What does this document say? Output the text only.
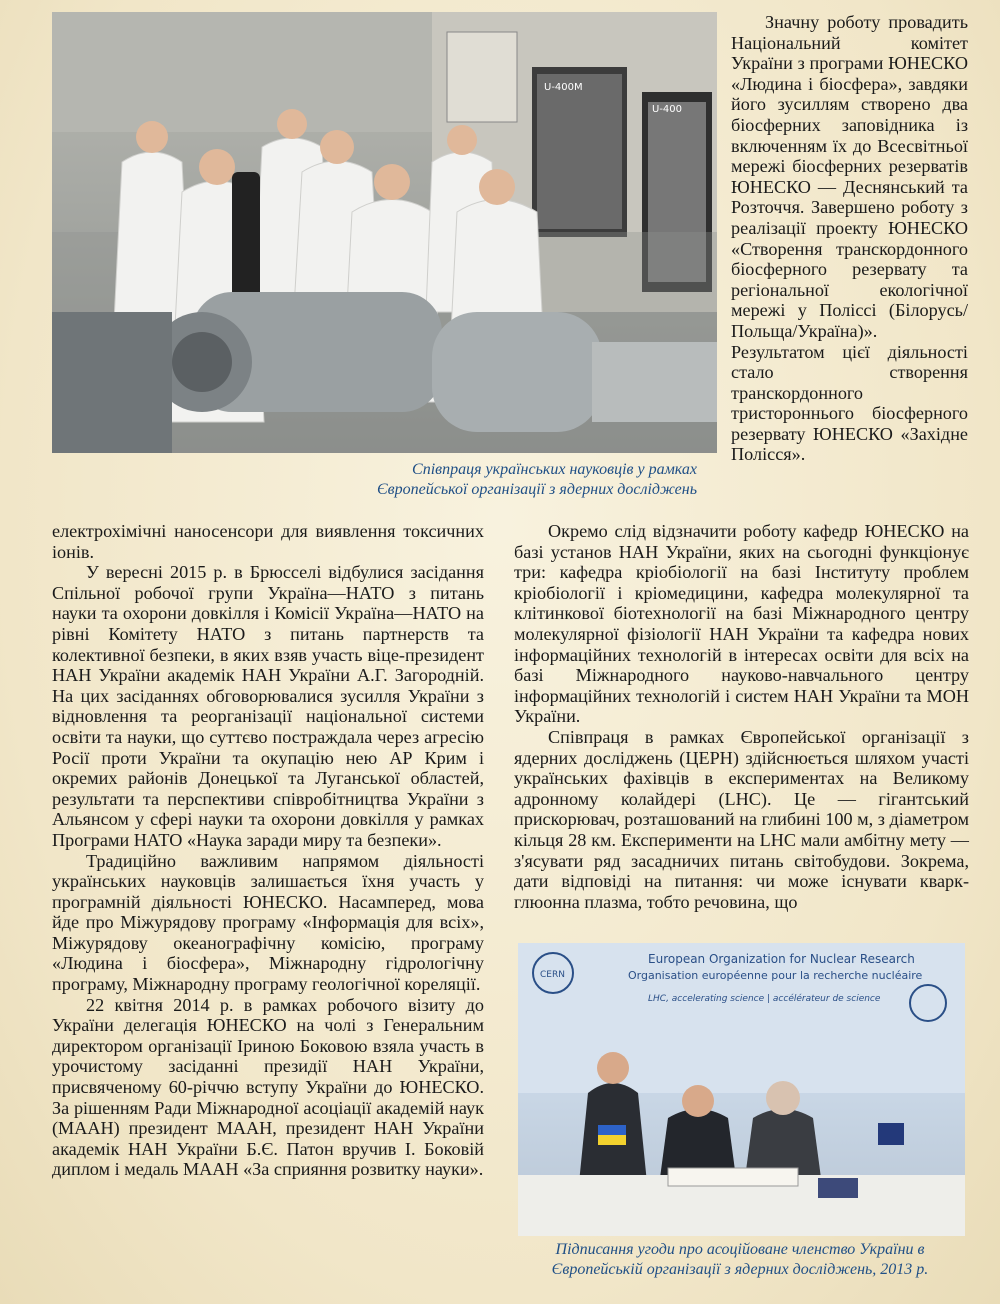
U-400M
U-400
Співпраця українських науковців у рамках
Європейської організації з ядерних досліджень

Значну роботу провадить Національний комітет України з програми ЮНЕСКО «Людина і біосфера», завдяки його зусиллям створено два біосферних заповідника із включенням їх до Всесвітньої мережі біосферних резерватів ЮНЕСКО — Деснянський та Розточчя. Завершено роботу з реалізації проекту ЮНЕСКО «Створення транскордонного біосферного резервату та регіональної екологічної мережі у Поліссі (Білорусь/Польща/Україна)». Результатом цієї діяльності стало створення транскордонного тристороннього біосферного резервату ЮНЕСКО «Західне Полісся».

електрохімічні наносенсори для виявлення токсичних іонів.

У вересні 2015 р. в Брюсселі відбулися засідання Спільної робочої групи Україна—НАТО з питань науки та охорони довкілля і Комісії Україна—НАТО на рівні Комітету НАТО з питань партнерств та колективної безпеки, в яких взяв участь віце-президент НАН України академік НАН України А.Г. Загородній. На цих засіданнях обговорювалися зусилля України з відновлення та реорганізації національної системи освіти та науки, що суттєво постраждала через агресію Росії проти України та окупацію нею АР Крим і окремих районів Донецької та Луганської областей, результати та перспективи співробітництва України з Альянсом у сфері науки та охорони довкілля у рамках Програми НАТО «Наука заради миру та безпеки».

Традиційно важливим напрямом діяльності українських науковців залишається їхня участь у програмній діяльності ЮНЕСКО. Насамперед, мова йде про Міжурядову програму «Інформація для всіх», Міжурядову океанографічну комісію, програму «Людина і біосфера», Міжнародну гідрологічну програму, Міжнародну програму геологічної кореляції.

22 квітня 2014 р. в рамках робочого візиту до України делегація ЮНЕСКО на чолі з Генеральним директором організації Іриною Боковою взяла участь в урочистому засіданні президії НАН України, присвяченому 60-річчю вступу України до ЮНЕСКО. За рішенням Ради Міжнародної асоціації академій наук (МААН) президент МААН, президент НАН України академік НАН України Б.Є. Патон вручив І. Боковій диплом і медаль МААН «За сприяння розвитку науки».

Окремо слід відзначити роботу кафедр ЮНЕСКО на базі установ НАН України, яких на сьогодні функціонує три: кафедра кріобіології на базі Інституту проблем кріобіології і кріомедицини, кафедра молекулярної та клітинкової біотехнології на базі Міжнародного центру молекулярної фізіології НАН України та кафедра нових інформаційних технологій в інтересах освіти для всіх на базі Міжнародного науково-навчального центру інформаційних технологій і систем НАН України та МОН України.

Співпраця в рамках Європейської організації з ядерних досліджень (ЦЕРН) здійснюється шляхом участі українських фахівців в експериментах на Великому адронному колайдері (LHC). Це — гігантський прискорювач, розташований на глибині 100 м, з діаметром кільця 28 км. Експерименти на LHC мали амбітну мету — з'ясувати ряд засадничих питань світобудови. Зокрема, дати відповіді на питання: чи може існувати кварк-глюонна плазма, тобто речовина, що

CERN
European Organization for Nuclear Research
Organisation européenne pour la recherche nucléaire
LHC, accelerating science | accélérateur de science
Підписання угоди про асоційоване членство України в
Європейській організації з ядерних досліджень, 2013 р.
